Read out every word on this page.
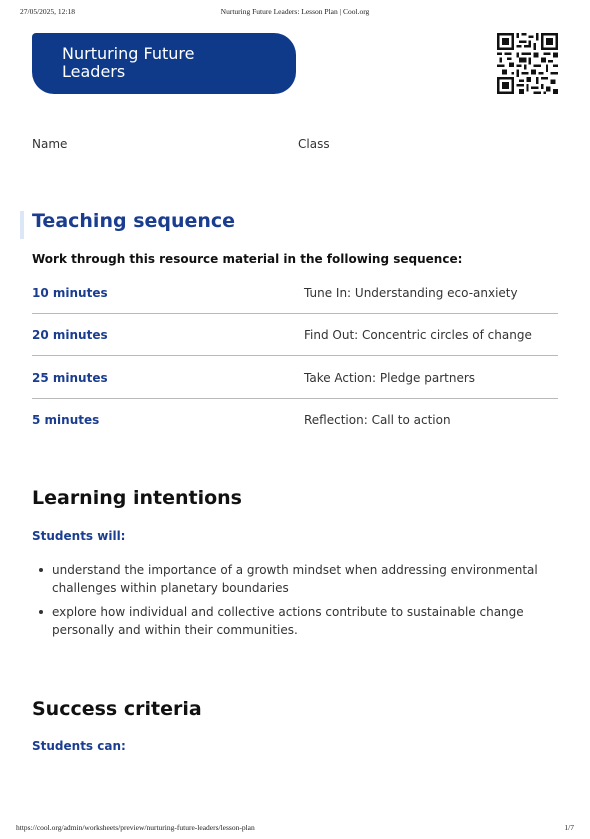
27/05/2025, 12:18	Nurturing Future Leaders: Lesson Plan | Cool.org
Nurturing Future
Leaders
Name	Class
Teaching sequence
Work through this resource material in the following sequence:
10 minutes	Tune In: Understanding eco-anxiety
20 minutes	Find Out: Concentric circles of change
25 minutes	Take Action: Pledge partners
5 minutes	Reflection: Call to action
Learning intentions
Students will:
understand the importance of a growth mindset when addressing environmental challenges within planetary boundaries
explore how individual and collective actions contribute to sustainable change personally and within their communities.
Success criteria
Students can:
https://cool.org/admin/worksheets/preview/nurturing-future-leaders/lesson-plan	1/7
